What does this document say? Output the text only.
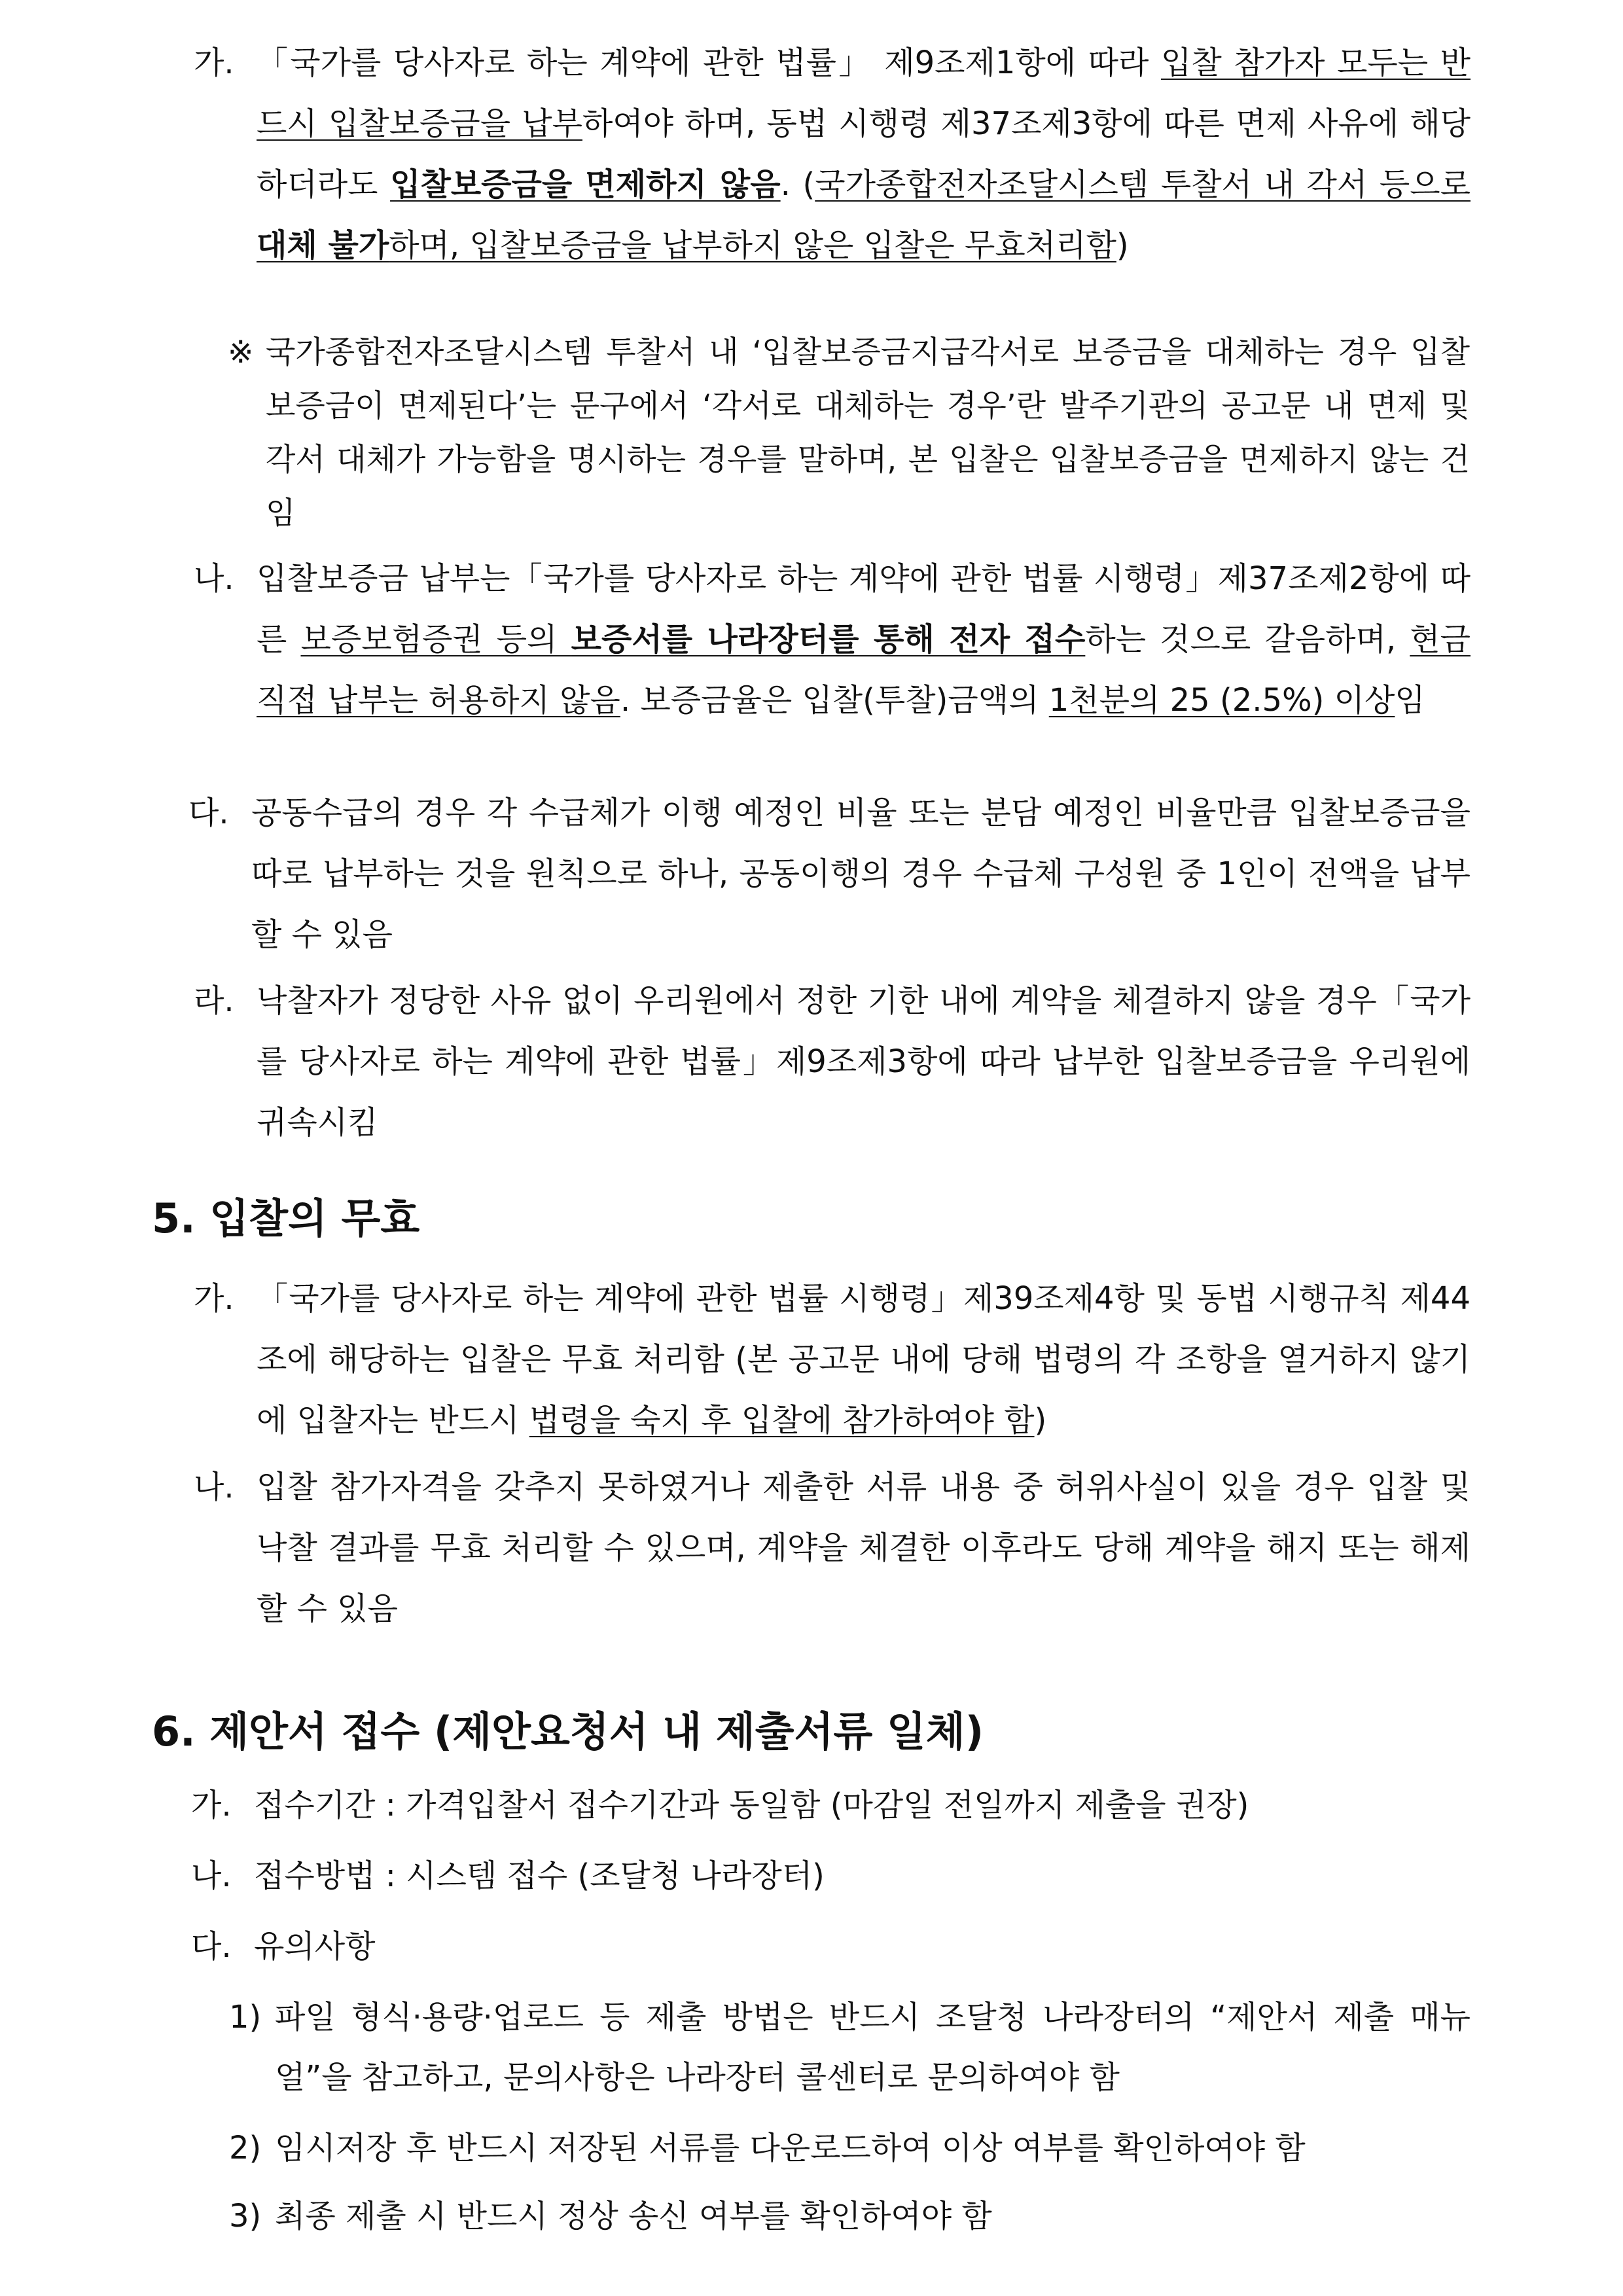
가. 「국가를 당사자로 하는 계약에 관한 법률」 제9조제1항에 따라 입찰 참가자 모두는 반드시 입찰보증금을 납부하여야 하며, 동법 시행령 제37조제3항에 따른 면제 사유에 해당하더라도 입찰보증금을 면제하지 않음. (국가종합전자조달시스템 투찰서 내 각서 등으로 대체 불가하며, 입찰보증금을 납부하지 않은 입찰은 무효처리함)
※ 국가종합전자조달시스템 투찰서 내 ‘입찰보증금지급각서로 보증금을 대체하는 경우 입찰보증금이 면제된다’는 문구에서 ‘각서로 대체하는 경우’란 발주기관의 공고문 내 면제 및 각서 대체가 가능함을 명시하는 경우를 말하며, 본 입찰은 입찰보증금을 면제하지 않는 건임
나. 입찰보증금 납부는「국가를 당사자로 하는 계약에 관한 법률 시행령」제37조제2항에 따른 보증보험증권 등의 보증서를 나라장터를 통해 전자 접수하는 것으로 갈음하며, 현금 직접 납부는 허용하지 않음. 보증금율은 입찰(투찰)금액의 1천분의 25 (2.5%) 이상임
다. 공동수급의 경우 각 수급체가 이행 예정인 비율 또는 분담 예정인 비율만큼 입찰보증금을 따로 납부하는 것을 원칙으로 하나, 공동이행의 경우 수급체 구성원 중 1인이 전액을 납부할 수 있음
라. 낙찰자가 정당한 사유 없이 우리원에서 정한 기한 내에 계약을 체결하지 않을 경우「국가를 당사자로 하는 계약에 관한 법률」제9조제3항에 따라 납부한 입찰보증금을 우리원에 귀속시킴
5. 입찰의 무효
가. 「국가를 당사자로 하는 계약에 관한 법률 시행령」제39조제4항 및 동법 시행규칙 제44조에 해당하는 입찰은 무효 처리함 (본 공고문 내에 당해 법령의 각 조항을 열거하지 않기에 입찰자는 반드시 법령을 숙지 후 입찰에 참가하여야 함)
나. 입찰 참가자격을 갖추지 못하였거나 제출한 서류 내용 중 허위사실이 있을 경우 입찰 및 낙찰 결과를 무효 처리할 수 있으며, 계약을 체결한 이후라도 당해 계약을 해지 또는 해제할 수 있음
6. 제안서 접수 (제안요청서 내 제출서류 일체)
가. 접수기간 : 가격입찰서 접수기간과 동일함 (마감일 전일까지 제출을 권장)
나. 접수방법 : 시스템 접수 (조달청 나라장터)
다. 유의사항
1) 파일 형식·용량·업로드 등 제출 방법은 반드시 조달청 나라장터의 “제안서 제출 매뉴얼”을 참고하고, 문의사항은 나라장터 콜센터로 문의하여야 함
2) 임시저장 후 반드시 저장된 서류를 다운로드하여 이상 여부를 확인하여야 함
3) 최종 제출 시 반드시 정상 송신 여부를 확인하여야 함
